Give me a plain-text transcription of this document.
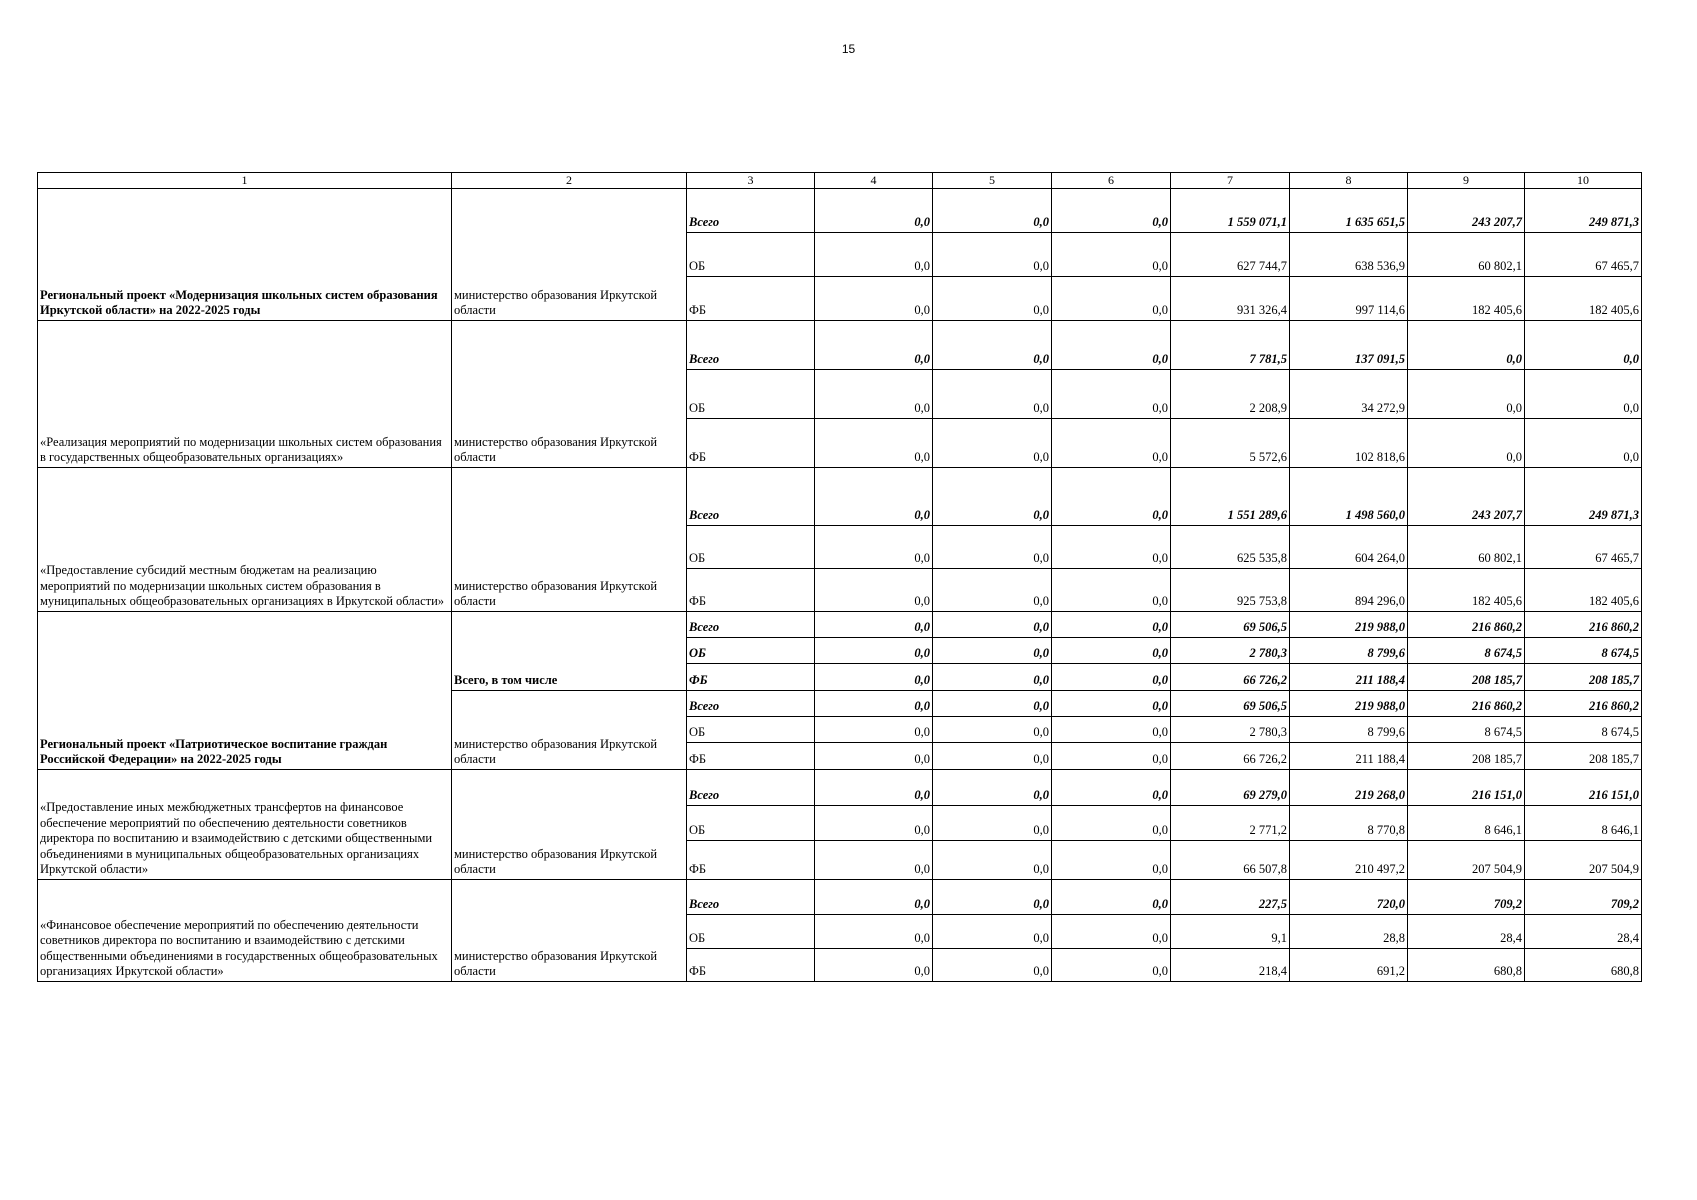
15
1	2	3	4	5	6	7	8	9	10
Региональный проект «Модернизация школьных систем образования Иркутской области» на 2022-2025 годы	министерство образования Иркутской области	Всего	0,0	0,0	0,0	1 559 071,1	1 635 651,5	243 207,7	249 871,3
		ОБ	0,0	0,0	0,0	627 744,7	638 536,9	60 802,1	67 465,7
		ФБ	0,0	0,0	0,0	931 326,4	997 114,6	182 405,6	182 405,6
«Реализация мероприятий по модернизации школьных систем образования в государственных общеобразовательных организациях»	министерство образования Иркутской области	Всего	0,0	0,0	0,0	7 781,5	137 091,5	0,0	0,0
		ОБ	0,0	0,0	0,0	2 208,9	34 272,9	0,0	0,0
		ФБ	0,0	0,0	0,0	5 572,6	102 818,6	0,0	0,0
«Предоставление субсидий местным бюджетам на реализацию мероприятий по модернизации школьных систем образования в муниципальных общеобразовательных организациях в Иркутской области»	министерство образования Иркутской области	Всего	0,0	0,0	0,0	1 551 289,6	1 498 560,0	243 207,7	249 871,3
		ОБ	0,0	0,0	0,0	625 535,8	604 264,0	60 802,1	67 465,7
		ФБ	0,0	0,0	0,0	925 753,8	894 296,0	182 405,6	182 405,6
Региональный проект «Патриотическое воспитание граждан Российской Федерации» на 2022-2025 годы	Всего, в том числе	Всего	0,0	0,0	0,0	69 506,5	219 988,0	216 860,2	216 860,2
		ОБ	0,0	0,0	0,0	2 780,3	8 799,6	8 674,5	8 674,5
		ФБ	0,0	0,0	0,0	66 726,2	211 188,4	208 185,7	208 185,7
	министерство образования Иркутской области	Всего	0,0	0,0	0,0	69 506,5	219 988,0	216 860,2	216 860,2
		ОБ	0,0	0,0	0,0	2 780,3	8 799,6	8 674,5	8 674,5
		ФБ	0,0	0,0	0,0	66 726,2	211 188,4	208 185,7	208 185,7
«Предоставление иных межбюджетных трансфертов на финансовое обеспечение мероприятий по обеспечению деятельности советников директора по воспитанию и взаимодействию с детскими общественными объединениями в муниципальных общеобразовательных организациях Иркутской области»	министерство образования Иркутской области	Всего	0,0	0,0	0,0	69 279,0	219 268,0	216 151,0	216 151,0
		ОБ	0,0	0,0	0,0	2 771,2	8 770,8	8 646,1	8 646,1
		ФБ	0,0	0,0	0,0	66 507,8	210 497,2	207 504,9	207 504,9
«Финансовое обеспечение мероприятий по обеспечению деятельности советников директора по воспитанию и взаимодействию с детскими общественными объединениями в государственных общеобразовательных организациях Иркутской области»	министерство образования Иркутской области	Всего	0,0	0,0	0,0	227,5	720,0	709,2	709,2
		ОБ	0,0	0,0	0,0	9,1	28,8	28,4	28,4
		ФБ	0,0	0,0	0,0	218,4	691,2	680,8	680,8
